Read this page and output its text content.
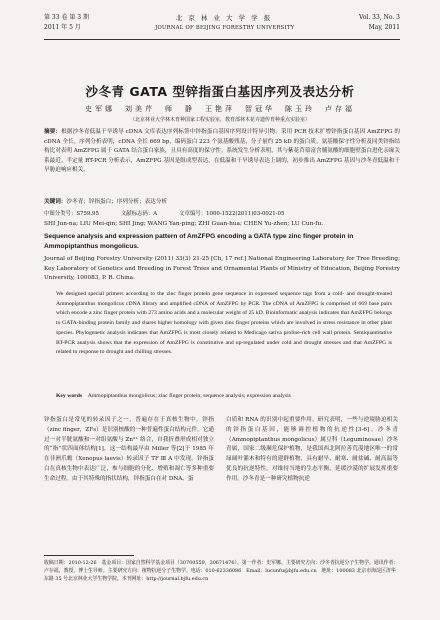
第 33 卷 第 3 期	北 京 林 业 大 学 学 报	Vol. 33, No. 3
2011 年 5 月	JOURNAL OF BEIJING FORESTRY UNIVERSITY	May, 2011
沙冬青 GATA 型锌指蛋白基因序列及表达分析
史军娜　刘美芹　师　静　王艳萍　智冠华　陈玉玲　卢存福
（北京林业大学林木育种国家工程实验室，教育部林木花卉遗传育种重点实验室）
摘要：根据沙冬青低温干旱诱导 cDNA 文库表达序列标签中锌指蛋白基因序列设计特异引物，采用 PCR 技术扩增锌指蛋白基因 AmZFPG 的 cDNA 全长。序列分析表明，cDNA 全长 669 bp，编码蛋白 223 个氨基酸残基，分子量约 25 kD 的蛋白质。氨基酸保守性分析及同类锌指结构比对表明 AmZFPG 属于 GATA 结合蛋白家族，且具有高度的保守性。系统发生分析表明，其与紫花苜蓿富含脯氨酸的细胞壁蛋白进化亲缘关系最近。半定量 RT-PCR 分析表示，AmZFPG 基因是组成型表达，在低温和干旱诱导表达上调的，初步推出 AmZFPG 基因与沙冬青低温和干旱胁迫响应相关。
关键词：沙冬青；锌指蛋白；序列分析；表达分析
中图分类号：S759.95	文献标志码：A	文章编号：1000-1522(2011)03-0021-05
SHI Jun-na; LIU Mei-qin; SHI Jing; WANG Yan-ping; ZHI Guan-hua; CHEN Yu-zhen; LU Cun-fu.
Sequence analysis and expression pattern of AmZFPG encoding a GATA type zinc finger protein in Ammopiptanthus mongolicus.
Journal of Beijing Forestry University (2011) 33(3) 21-25 [Ch, 17 ref.] National Engineering Laboratory for Tree Breeding; Key Laboratory of Genetics and Breeding in Forest Trees and Ornamental Plants of Ministry of Education, Beijing Forestry University, 100083, P. R. China.
We designed special primers according to the zinc finger protein gene sequence in expressed sequence tags from a cold- and drought-treated Ammopiptanthus mongolicus cDNA library and amplified cDNA of AmZFPG by PCR. The cDNA of AmZFPG is comprised of 669 base pairs which encode a zinc finger protein with 273 amino acids and a molecular weight of 25 kD. Bioinformatic analysis indicates that AmZFPG belongs to GATA-binding protein family and shares higher homology with given zinc finger proteins which are involved in stress resistance in other plant species. Phylogenetic analysis indicates that AmZFPG is most closely related to Medicago sativa proline-rich cell wall protein. Semiquantitative RT-PCR analysis shows that the expression of AmZFPG is constitutive and up-regulated under cold and drought stresses and that AmZFPG is related to response to drought and chilling stresses.
Key words　 Ammopiptanthus mongolicus; zinc finger protein; sequence analysis; expression analysis
锌指蛋白是常见的转录因子之一，普遍存在于真核生物中。锌指（zinc finger，ZFs）是识别核酸的一种普遍性蛋白结构元件，它通过一对半胱氨酸和一对组氨酸与 Zn²⁺ 络合，自我折叠形成相对独立的“指”状四面体结构[1]，这一结构最早由 Miller 等[2]于 1985 年在非洲爪蟾（Xenopus laevis）转录因子 TF Ⅲ A 中发现。锌指蛋白在真核生物中表达广泛，参与细胞的分化、增殖和凋亡等多种重要生命过程。由于其特殊的指状结构，锌指蛋白在对 DNA、蛋
白质和 RNA 的识别中起重要作用。研究表明，一些与逆境胁迫相关的锌指蛋白基因，能够调控植物的抗逆性[3-6]。沙冬青（Ammopiptanthus mongolicus）属豆科（Leguminosae）沙冬青属，国家二级濒危保护植物，是我国西北阿拉善荒漠地区唯一的常绿阔叶灌木和特有的建群植物，具有耐旱、耐寒、耐盐碱、耐高温等优良的抗逆特性，对维持当地的生态平衡，延缓沙漠的扩展发挥重要作用。沙冬青是一种研究植物抗逆
收稿日期：2010-12-26　基金项目：国家自然科学基金项目（30700559，30671476）。第一作者：史军娜。主要研究方向：沙冬青抗逆分子生物学。通讯作者：卢存福，教授，博士生导师。主要研究方向：植物抗逆分子生物学。电话：010-62336086　Email：lucunfu@bjfu.edu.cn　地址：100083 北京市海淀区清华东路 35 号北京林业大学生物学院。本刊网址：http://journal.bjfu.edu.cn
